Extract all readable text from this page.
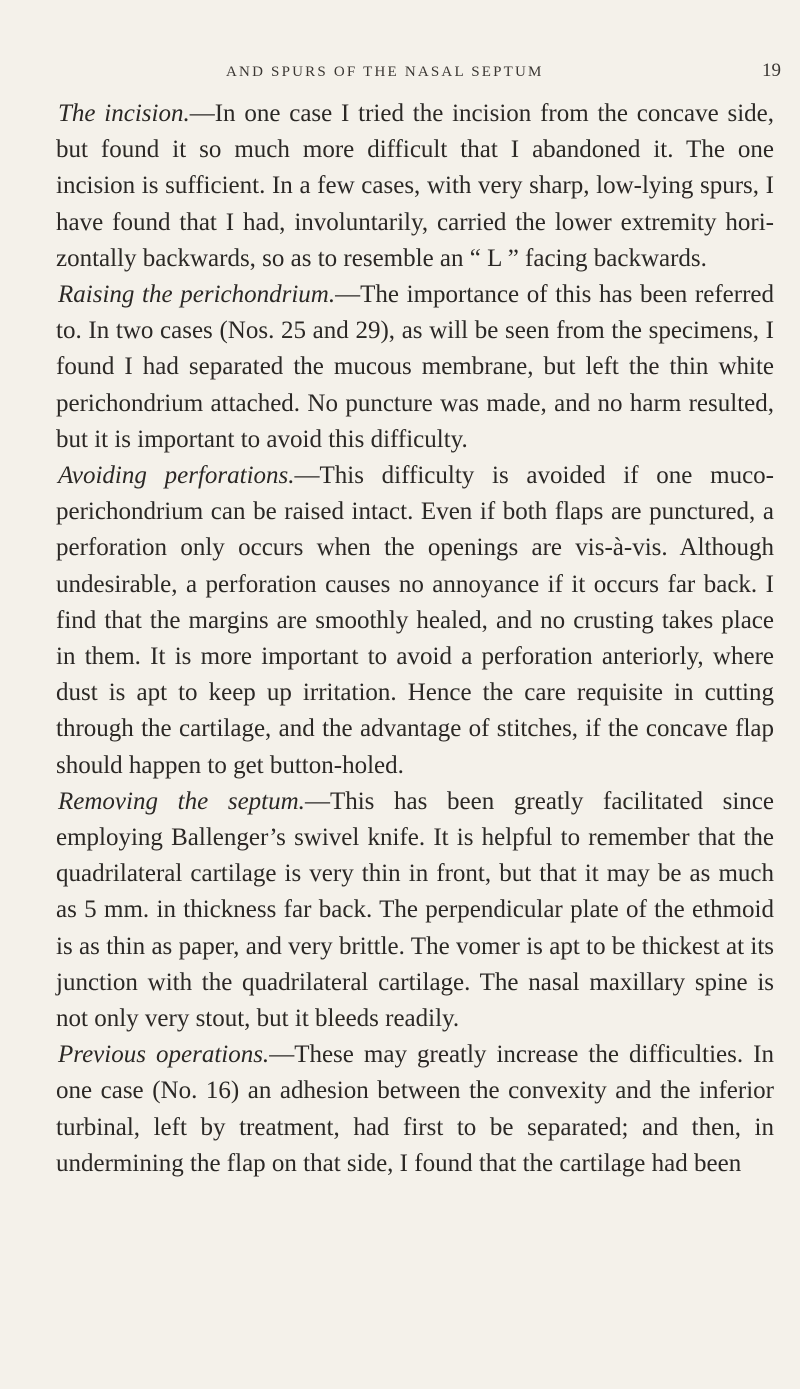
AND SPURS OF THE NASAL SEPTUM	19

The incision.—In one case I tried the incision from the concave side, but found it so much more difficult that I abandoned it. The one incision is sufficient. In a few cases, with very sharp, low-lying spurs, I have found that I had, involuntarily, carried the lower extremity horizontally backwards, so as to resemble an “ L ” facing backwards.

Raising the perichondrium.—The importance of this has been referred to. In two cases (Nos. 25 and 29), as will be seen from the specimens, I found I had separated the mucous membrane, but left the thin white perichondrium attached. No puncture was made, and no harm resulted, but it is important to avoid this difficulty.

Avoiding perforations.—This difficulty is avoided if one muco-perichondrium can be raised intact. Even if both flaps are punctured, a perforation only occurs when the openings are vis-à-vis. Although undesirable, a perforation causes no annoyance if it occurs far back. I find that the margins are smoothly healed, and no crusting takes place in them. It is more important to avoid a perforation anteriorly, where dust is apt to keep up irritation. Hence the care requisite in cutting through the cartilage, and the advantage of stitches, if the concave flap should happen to get button-holed.

Removing the septum.—This has been greatly facilitated since employing Ballenger’s swivel knife. It is helpful to remember that the quadrilateral cartilage is very thin in front, but that it may be as much as 5 mm. in thickness far back. The perpendicular plate of the ethmoid is as thin as paper, and very brittle. The vomer is apt to be thickest at its junction with the quadrilateral cartilage. The nasal maxillary spine is not only very stout, but it bleeds readily.

Previous operations.—These may greatly increase the difficulties. In one case (No. 16) an adhesion between the convexity and the inferior turbinal, left by treatment, had first to be separated; and then, in undermining the flap on that side, I found that the cartilage had been
